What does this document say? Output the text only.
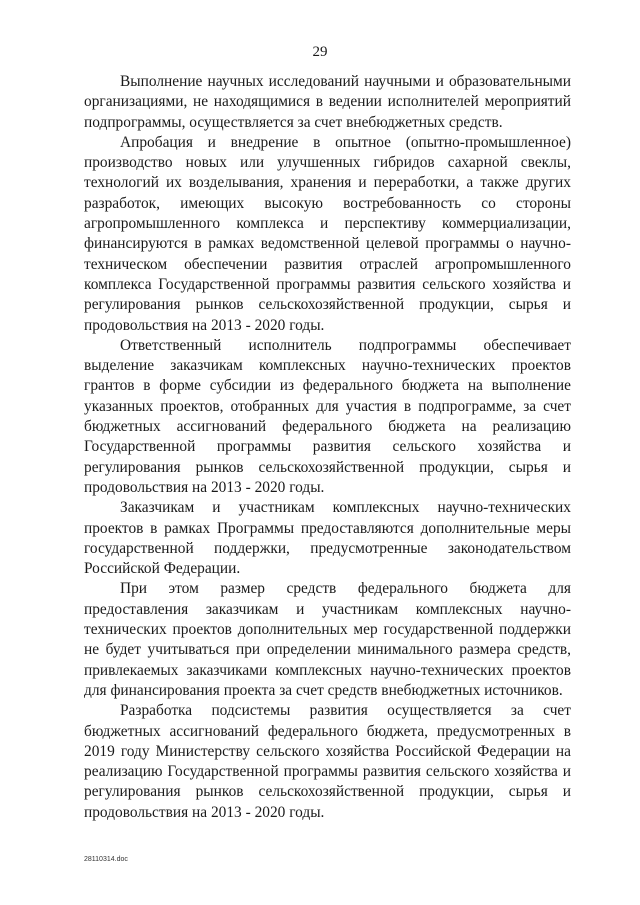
29

Выполнение научных исследований научными и образовательными организациями, не находящимися в ведении исполнителей мероприятий подпрограммы, осуществляется за счет внебюджетных средств.

Апробация и внедрение в опытное (опытно-промышленное) производство новых или улучшенных гибридов сахарной свеклы, технологий их возделывания, хранения и переработки, а также других разработок, имеющих высокую востребованность со стороны агропромышленного комплекса и перспективу коммерциализации, финансируются в рамках ведомственной целевой программы о научно-техническом обеспечении развития отраслей агропромышленного комплекса Государственной программы развития сельского хозяйства и регулирования рынков сельскохозяйственной продукции, сырья и продовольствия на 2013 - 2020 годы.

Ответственный исполнитель подпрограммы обеспечивает выделение заказчикам комплексных научно-технических проектов грантов в форме субсидии из федерального бюджета на выполнение указанных проектов, отобранных для участия в подпрограмме, за счет бюджетных ассигнований федерального бюджета на реализацию Государственной программы развития сельского хозяйства и регулирования рынков сельскохозяйственной продукции, сырья и продовольствия на 2013 - 2020 годы.

Заказчикам и участникам комплексных научно-технических проектов в рамках Программы предоставляются дополнительные меры государственной поддержки, предусмотренные законодательством Российской Федерации.

При этом размер средств федерального бюджета для предоставления заказчикам и участникам комплексных научно-технических проектов дополнительных мер государственной поддержки не будет учитываться при определении минимального размера средств, привлекаемых заказчиками комплексных научно-технических проектов для финансирования проекта за счет средств внебюджетных источников.

Разработка подсистемы развития осуществляется за счет бюджетных ассигнований федерального бюджета, предусмотренных в 2019 году Министерству сельского хозяйства Российской Федерации на реализацию Государственной программы развития сельского хозяйства и регулирования рынков сельскохозяйственной продукции, сырья и продовольствия на 2013 - 2020 годы.

28110314.doc
